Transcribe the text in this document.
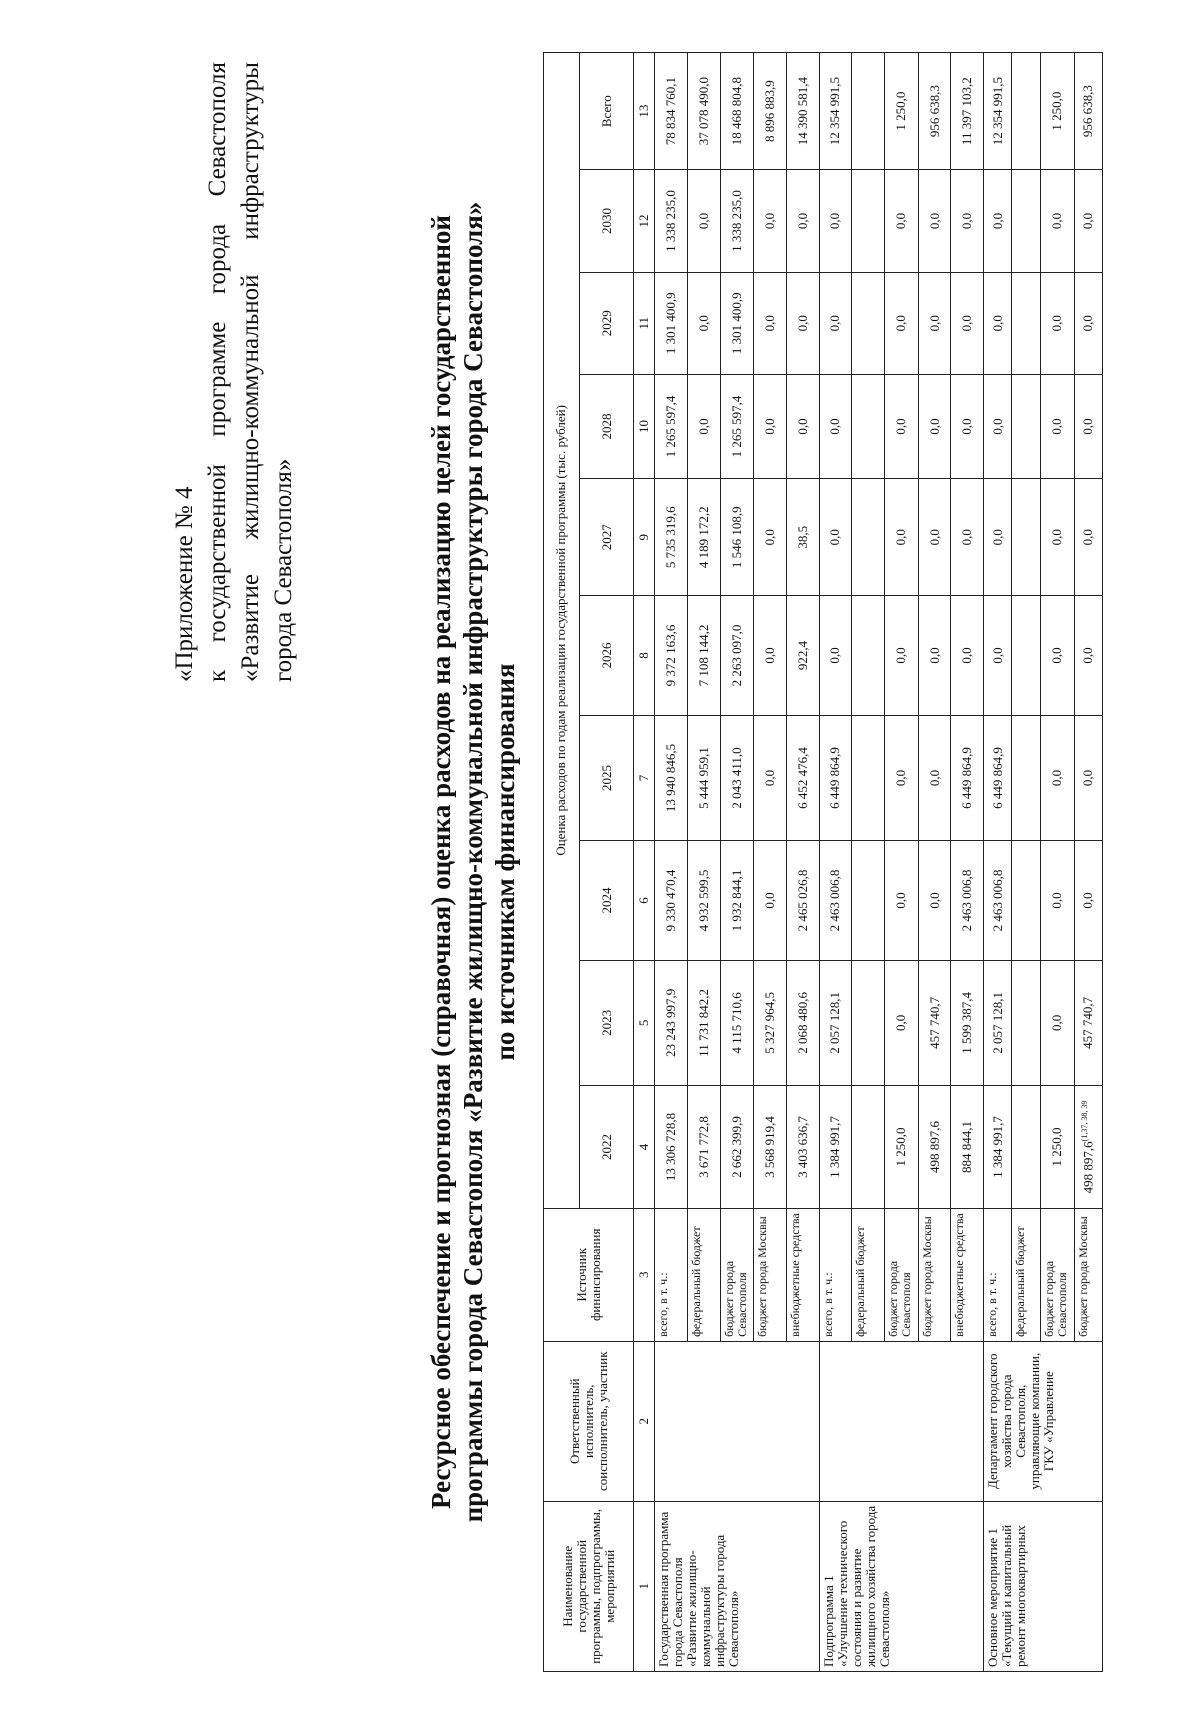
«Приложение № 4 к
государственной
программе
города
Севастополя
«Развитие
жилищно-коммунальной
инфраструктуры
города Севастополя»	Ресурсное обеспечение и прогнозная (справочная) оценка расходов на реализацию целей государственной программы города Севастополя «Развитие жилищно-коммунальной инфраструктуры города Севастополя» по источникам финансирования
Наименование государственной программы, подпрограммы, мероприятий	Ответственный исполнитель, соисполнитель, участник	Источник финансирования	Оценка расходов по годам реализации государственной программы (тыс. рублей)									
			2022	2023	2024	2025	2026	2027	2028	2029	2030	Всего
1	2	3	4	5	6	7	8	9	10	11	12	13
Государственная программа города Севастополя «Развитие жилищно-коммунальной инфраструктуры города Севастополя»		всего, в т. ч.:	13 306 728,8	23 243 997,9	9 330 470,4	13 940 846,5	9 372 163,6	5 735 319,6	1 265 597,4	1 301 400,9	1 338 235,0	78 834 760,1
		федеральный бюджет	3 671 772,8	11 731 842,2	4 932 599,5	5 444 959,1	7 108 144,2	4 189 172,2	0,0	0,0	0,0	37 078 490,0
		бюджет города Севастополя	2 662 399,9	4 115 710,6	1 932 844,1	2 043 411,0	2 263 097,0	1 546 108,9	1 265 597,4	1 301 400,9	1 338 235,0	18 468 804,8
		бюджет города Москвы	3 568 919,4	5 327 964,5	0,0	0,0	0,0	0,0	0,0	0,0	0,0	8 896 883,9
		внебюджетные средства	3 403 636,7	2 068 480,6	2 465 026,8	6 452 476,4	922,4	38,5	0,0	0,0	0,0	14 390 581,4
Подпрограмма 1 «Улучшение технического состояния и развитие жилищного хозяйства города Севастополя»		всего, в т. ч.:	1 384 991,7	2 057 128,1	2 463 006,8	6 449 864,9	0,0	0,0	0,0	0,0	0,0	12 354 991,5
		федеральный бюджет										
		бюджет города Севастополя	1 250,0	0,0	0,0	0,0	0,0	0,0	0,0	0,0	0,0	1 250,0
		бюджет города Москвы	498 897,6	457 740,7	0,0	0,0	0,0	0,0	0,0	0,0	0,0	956 638,3
		внебюджетные средства	884 844,1	1 599 387,4	2 463 006,8	6 449 864,9	0,0	0,0	0,0	0,0	0,0	11 397 103,2
Основное мероприятие 1 «Текущий и капитальный ремонт многоквартирных	Департамент городского хозяйства города Севастополя, управляющие компании, ГКУ «Управление	всего, в т. ч.:	1 384 991,7	2 057 128,1	2 463 006,8	6 449 864,9	0,0	0,0	0,0	0,0	0,0	12 354 991,5
		федеральный бюджет										
		бюджет города Севастополя	1 250,0	0,0	0,0	0,0	0,0	0,0	0,0	0,0	0,0	1 250,0
		бюджет города Москвы	498 897,6$^{(1,37, 38, 39}$	457 740,7	0,0	0,0	0,0	0,0	0,0	0,0	0,0	956 638,3
